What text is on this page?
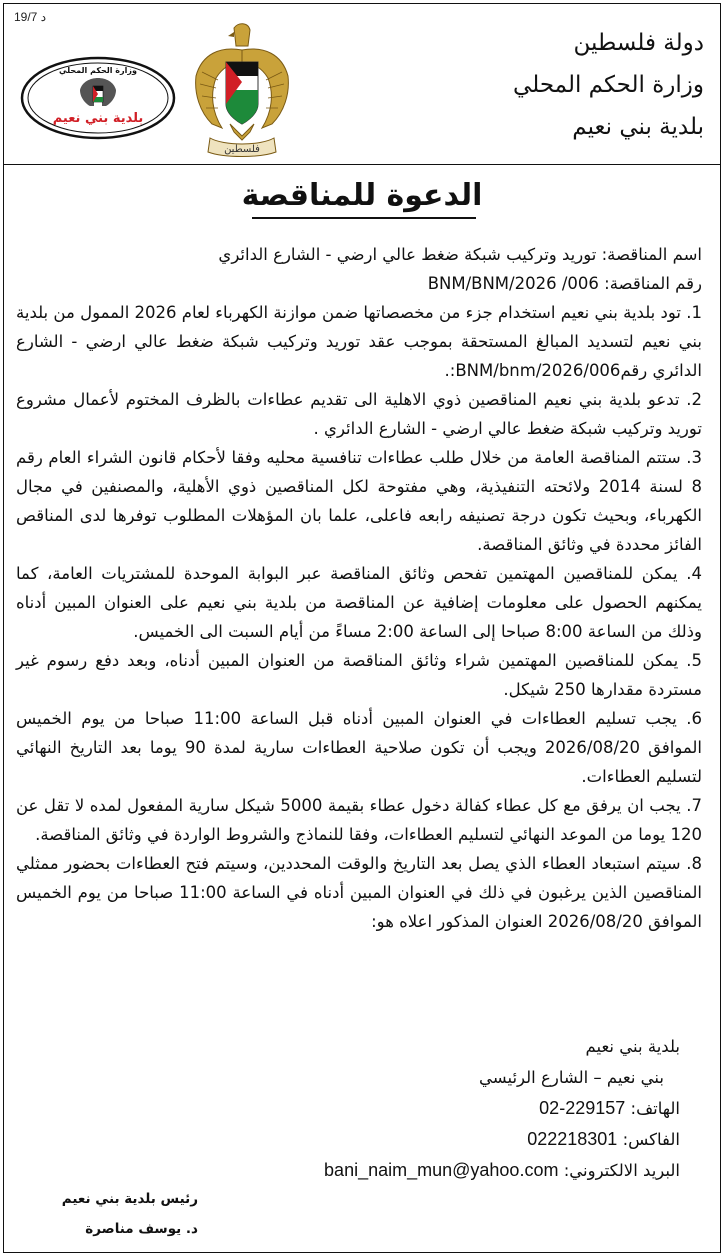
19/7 د
دولة فلسطين
وزارة الحكم المحلي
بلدية بني نعيم
فلسطين
وزارة الحكم المحلي
بلدية بني نعيم
الدعوة للمناقصة

اسم المناقصة: توريد وتركيب شبكة ضغط عالي ارضي - الشارع الدائري

رقم المناقصة: BNM/BNM/2026 /006

1. تود بلدية بني نعيم استخدام جزء من مخصصاتها ضمن موازنة الكهرباء لعام 2026 الممول من بلدية بني نعيم لتسديد المبالغ المستحقة بموجب عقد توريد وتركيب شبكة ضغط عالي ارضي - الشارع الدائري رقم006/BNM/bnm/2026:.

2. تدعو بلدية بني نعيم المناقصين ذوي الاهلية الى تقديم عطاءات بالظرف المختوم لأعمال مشروع توريد وتركيب شبكة ضغط عالي ارضي - الشارع الدائري .

3. ستتم المناقصة العامة من خلال طلب عطاءات تنافسية محليه وفقا لأحكام قانون الشراء العام رقم 8 لسنة 2014 ولائحته التنفيذية، وهي مفتوحة لكل المناقصين ذوي الأهلية، والمصنفين في مجال الكهرباء، وبحيث تكون درجة تصنيفه رابعه فاعلى، علما بان المؤهلات المطلوب توفرها لدى المناقص الفائز محددة في وثائق المناقصة.

4. يمكن للمناقصين المهتمين تفحص وثائق المناقصة عبر البوابة الموحدة للمشتريات العامة، كما يمكنهم الحصول على معلومات إضافية عن المناقصة من بلدية بني نعيم على العنوان المبين أدناه وذلك من الساعة 8:00 صباحا إلى الساعة 2:00 مساءً من أيام السبت الى الخميس.

5. يمكن للمناقصين المهتمين شراء وثائق المناقصة من العنوان المبين أدناه، وبعد دفع رسوم غير مستردة مقدارها 250 شيكل.

6. يجب تسليم العطاءات في العنوان المبين أدناه قبل الساعة 11:00 صباحا من يوم الخميس الموافق 2026/08/20 ويجب أن تكون صلاحية العطاءات سارية لمدة 90 يوما بعد التاريخ النهائي لتسليم العطاءات.

7. يجب ان يرفق مع كل عطاء كفالة دخول عطاء بقيمة 5000 شيكل سارية المفعول لمده لا تقل عن 120 يوما من الموعد النهائي لتسليم العطاءات، وفقا للنماذج والشروط الواردة في وثائق المناقصة.

8. سيتم استبعاد العطاء الذي يصل بعد التاريخ والوقت المحددين، وسيتم فتح العطاءات بحضور ممثلي المناقصين الذين يرغبون في ذلك في العنوان المبين أدناه في الساعة 11:00 صباحا من يوم الخميس الموافق 2026/08/20 العنوان المذكور اعلاه هو:

بلدية بني نعيم
بني نعيم – الشارع الرئيسي
الهاتف: 02-229157
الفاكس: 022218301
البريد الالكتروني: bani_naim_mun@yahoo.com
رئيس بلدية بني نعيم
د. يوسف مناصرة
